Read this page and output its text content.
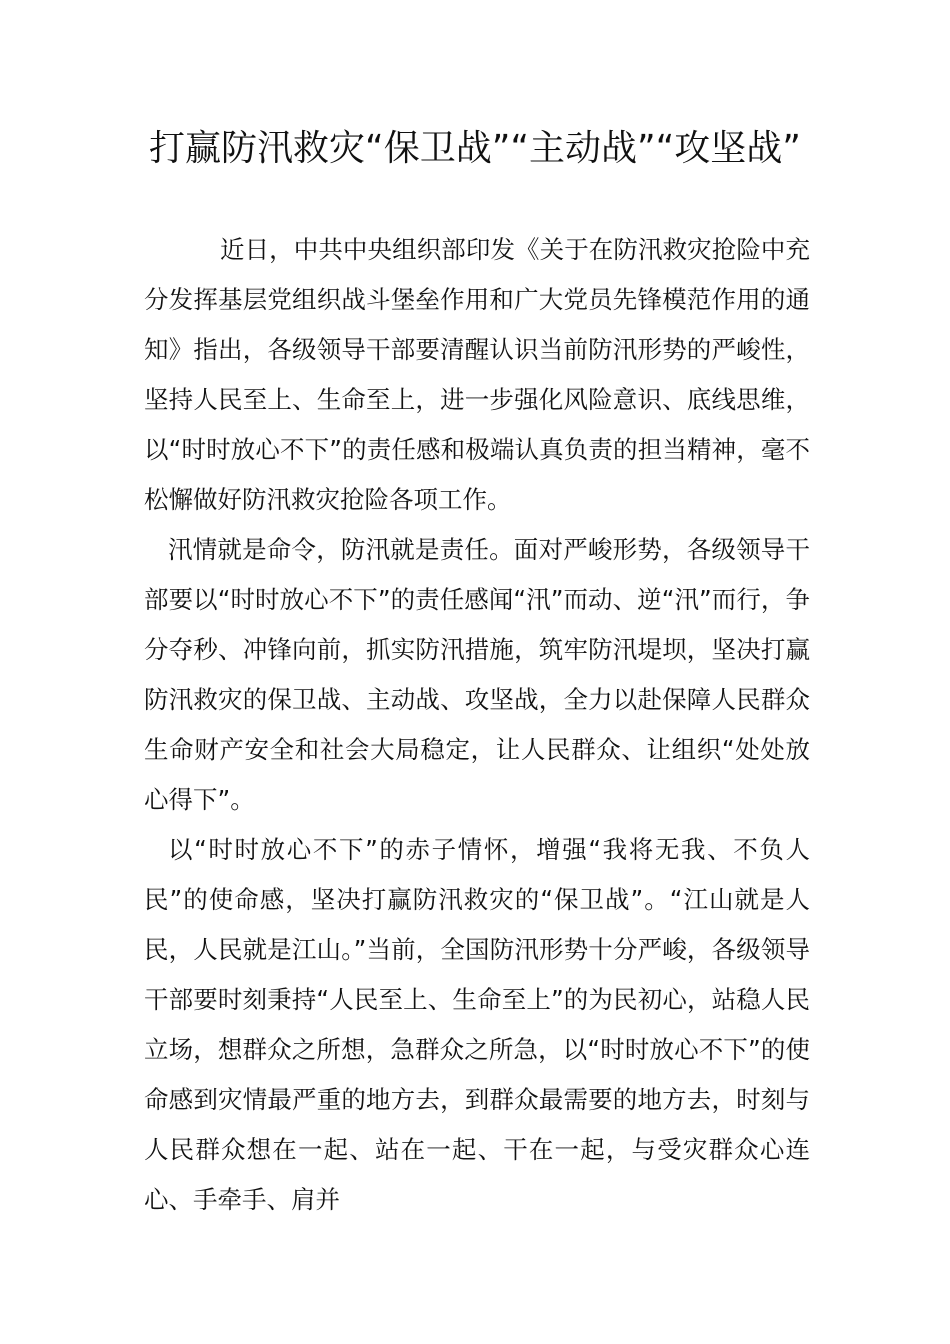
打赢防汛救灾“保卫战”“主动战”“攻坚战”

近日，中共中央组织部印发《关于在防汛救灾抢险中充分发挥基层党组织战斗堡垒作用和广大党员先锋模范作用的通知》指出，各级领导干部要清醒认识当前防汛形势的严峻性，坚持人民至上、生命至上，进一步强化风险意识、底线思维，以“时时放心不下”的责任感和极端认真负责的担当精神，毫不松懈做好防汛救灾抢险各项工作。

汛情就是命令，防汛就是责任。面对严峻形势，各级领导干部要以“时时放心不下”的责任感闻“汛”而动、逆“汛”而行，争分夺秒、冲锋向前，抓实防汛措施，筑牢防汛堤坝，坚决打赢防汛救灾的保卫战、主动战、攻坚战，全力以赴保障人民群众生命财产安全和社会大局稳定，让人民群众、让组织“处处放心得下”。

以“时时放心不下”的赤子情怀，增强“我将无我、不负人民”的使命感，坚决打赢防汛救灾的“保卫战”。“江山就是人民，人民就是江山。”当前，全国防汛形势十分严峻，各级领导干部要时刻秉持“人民至上、生命至上”的为民初心，站稳人民立场，想群众之所想，急群众之所急，以“时时放心不下”的使命感到灾情最严重的地方去，到群众最需要的地方去，时刻与人民群众想在一起、站在一起、干在一起，与受灾群众心连心、手牵手、肩并
